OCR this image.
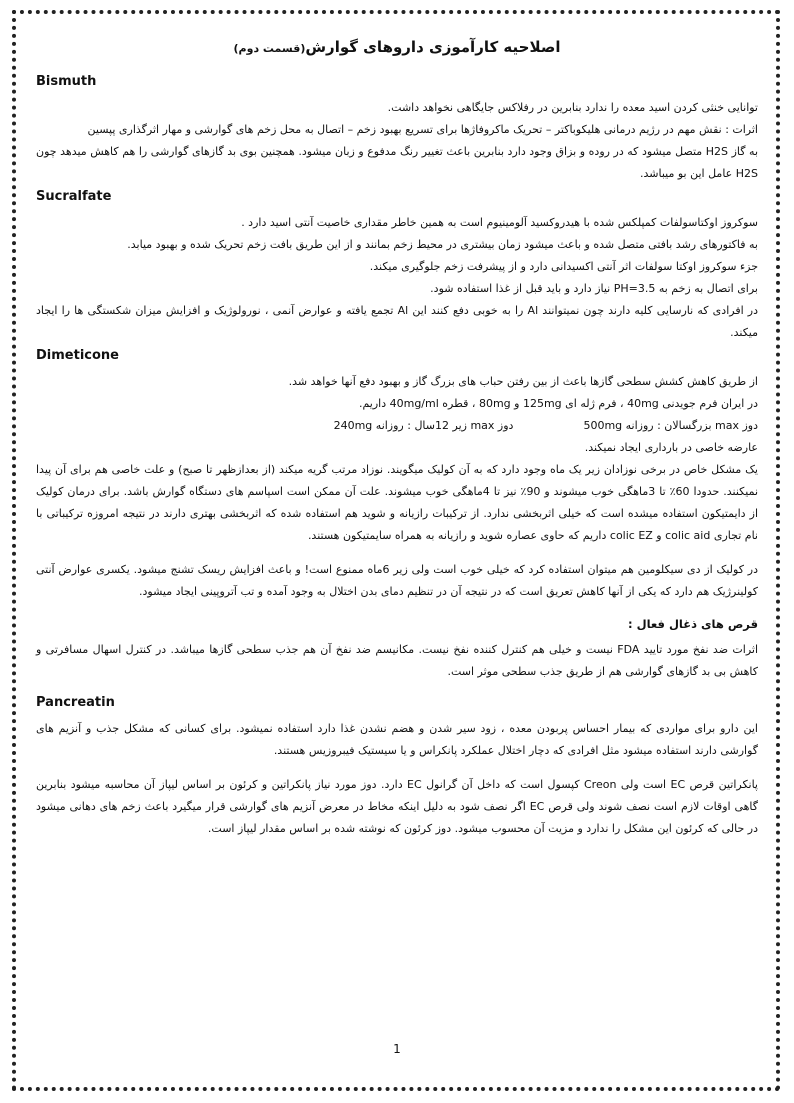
اصلاحیه کارآموزی داروهای گوارش(قسمت دوم)
Bismuth

توانایی خنثی کردن اسید معده را ندارد بنابرین در رفلاکس جایگاهی نخواهد داشت.

اثرات : نقش مهم در رژیم درمانی هلیکوباکتر – تحریک ماکروفاژها برای تسریع بهبود زخم – اتصال به محل زخم های گوارشی و مهار اثرگذاری پپسین

به گاز H2S متصل میشود که در روده و بزاق وجود دارد بنابرین باعث تغییر رنگ مدفوع و زبان میشود. همچنین بوی بد گازهای گوارشی را هم کاهش میدهد چون H2S عامل این بو میباشد.

Sucralfate

سوکروز اوکتاسولفات کمپلکس شده با هیدروکسید آلومینیوم است به همین خاطر مقداری خاصیت آنتی اسید دارد .

به فاکتورهای رشد بافتی متصل شده و باعث میشود زمان بیشتری در محیط زخم بمانند و از این طریق بافت زخم تحریک شده و بهبود میابد.

جزء سوکروز اوکتا سولفات اثر آنتی اکسیدانی دارد و از پیشرفت زخم جلوگیری میکند.

برای اتصال به زخم به PH=3.5 نیاز دارد و باید قبل از غذا استفاده شود.

در افرادی که نارسایی کلیه دارند چون نمیتوانند Al را به خوبی دفع کنند این Al تجمع یافته و عوارض آنمی ، نورولوژیک و افزایش میزان شکستگی ها را ایجاد میکند.

Dimeticone

از طریق کاهش کشش سطحی گازها باعث از بین رفتن حباب های بزرگ گاز و بهبود دفع آنها خواهد شد.

در ایران فرم جویدنی 40mg ، فرم ژله ای 125mg و 80mg ، قطره 40mg/ml داریم.

دوز max بزرگسالان : روزانه 500mg
دوز max زیر 12سال : روزانه 240mg

عارضه خاصی در بارداری ایجاد نمیکند.

یک مشکل خاص در برخی نوزادان زیر یک ماه وجود دارد که به آن کولیک میگویند. نوزاد مرتب گریه میکند (از بعدازظهر تا صبح) و علت خاصی هم برای آن پیدا نمیکنند. حدودا 60٪ تا 3ماهگی خوب میشوند و 90٪ نیز تا 4ماهگی خوب میشوند. علت آن ممکن است اسپاسم های دستگاه گوارش باشد. برای درمان کولیک از دایمتیکون استفاده میشده است که خیلی اثربخشی ندارد. از ترکیبات رازیانه و شوید هم استفاده شده که اثربخشی بهتری دارند در نتیجه امروزه ترکیباتی با نام تجاری colic aid و colic EZ داریم که حاوی عصاره شوید و رازیانه به همراه سایمتیکون هستند.

در کولیک از دی سیکلومین هم میتوان استفاده کرد که خیلی خوب است ولی زیر 6ماه ممنوع است! و باعث افزایش ریسک تشنج میشود. یکسری عوارض آنتی کولینرژیک هم دارد که یکی از آنها کاهش تعریق است که در نتیجه آن در تنظیم دمای بدن اختلال به وجود آمده و تب آتروپینی ایجاد میشود.

قرص های ذغال فعال :

اثرات ضد نفخ مورد تایید FDA نیست و خیلی هم کنترل کننده نفخ نیست. مکانیسم ضد نفخ آن هم جذب سطحی گازها میباشد. در کنترل اسهال مسافرتی و کاهش بی بد گازهای گوارشی هم از طریق جذب سطحی موثر است.

Pancreatin

این دارو برای مواردی که بیمار احساس پربودن معده ، زود سیر شدن و هضم نشدن غذا دارد استفاده نمیشود. برای کسانی که مشکل جذب و آنزیم های گوارشی دارند استفاده میشود مثل افرادی که دچار اختلال عملکرد پانکراس و یا سیستیک فیبروزیس هستند.

پانکراتین قرص EC است ولی Creon کپسول است که داخل آن گرانول EC دارد. دوز مورد نیاز پانکراتین و کرئون بر اساس لیپاز آن محاسبه میشود بنابرین گاهی اوقات لازم است نصف شوند ولی قرص EC اگر نصف شود به دلیل اینکه مخاط در معرض آنزیم های گوارشی قرار میگیرد باعث زخم های دهانی میشود در حالی که کرئون این مشکل را ندارد و مزیت آن محسوب میشود. دوز کرئون که نوشته شده بر اساس مقدار لیپاز است.

1
